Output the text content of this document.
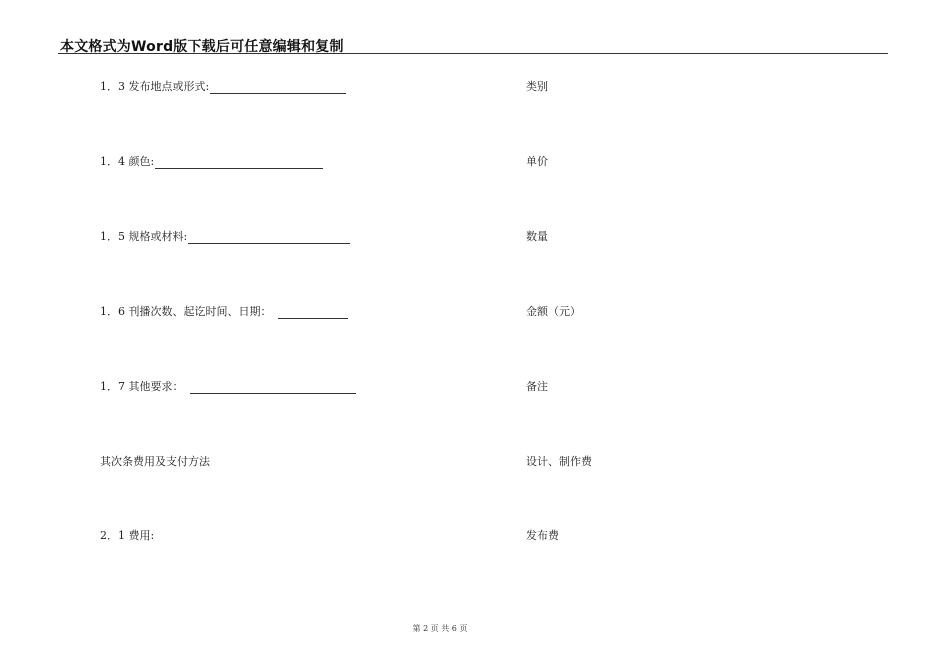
本文格式为Word版下载后可任意编辑和复制
1．3 发布地点或形式:
1．4 颜色:
1．5 规格或材料:
1．6 刊播次数、起讫时间、日期：
1．7 其他要求：
其次条费用及支付方法
2．1 费用:
类别
单价
数量
金额（元）
备注
设计、制作费
发布费
第 2 页 共 6 页
